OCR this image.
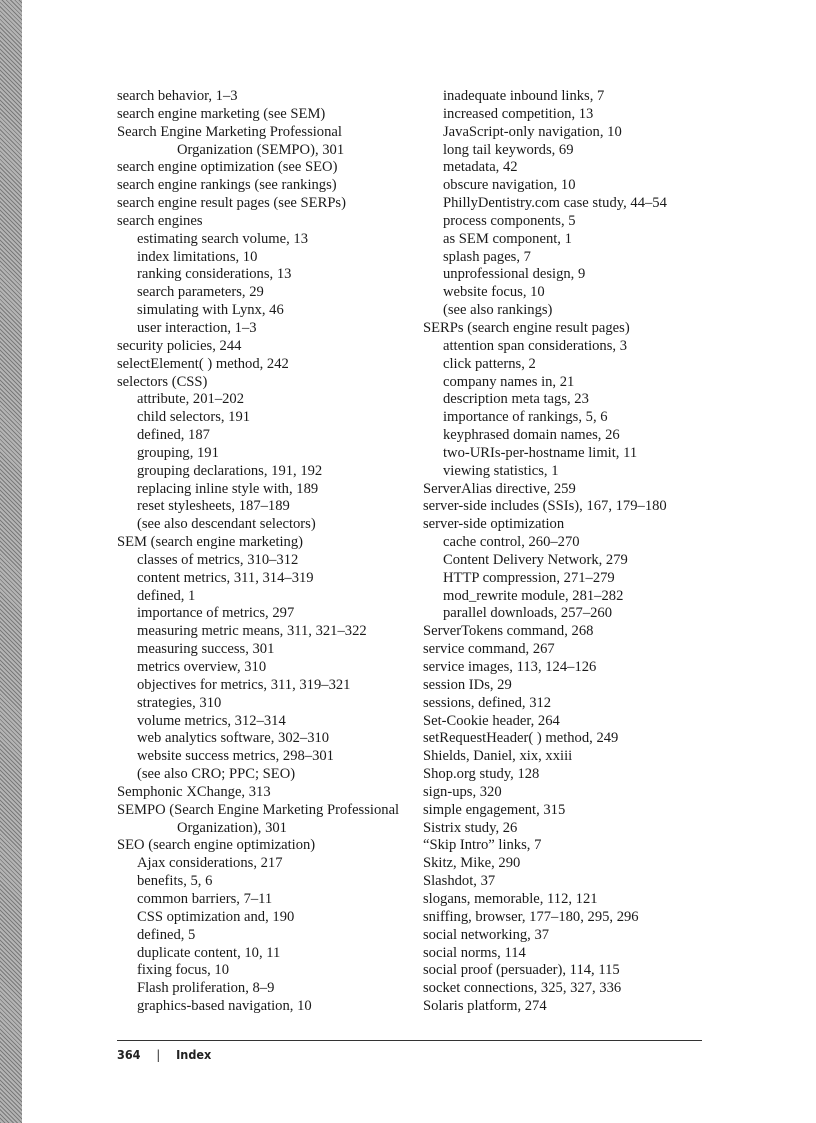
search behavior, 1–3
search engine marketing (see SEM)
Search Engine Marketing Professional Organization (SEMPO), 301
search engine optimization (see SEO)
search engine rankings (see rankings)
search engine result pages (see SERPs)
search engines
estimating search volume, 13
index limitations, 10
ranking considerations, 13
search parameters, 29
simulating with Lynx, 46
user interaction, 1–3
security policies, 244
selectElement( ) method, 242
selectors (CSS)
attribute, 201–202
child selectors, 191
defined, 187
grouping, 191
grouping declarations, 191, 192
replacing inline style with, 189
reset stylesheets, 187–189
(see also descendant selectors)
SEM (search engine marketing)
classes of metrics, 310–312
content metrics, 311, 314–319
defined, 1
importance of metrics, 297
measuring metric means, 311, 321–322
measuring success, 301
metrics overview, 310
objectives for metrics, 311, 319–321
strategies, 310
volume metrics, 312–314
web analytics software, 302–310
website success metrics, 298–301
(see also CRO; PPC; SEO)
Semphonic XChange, 313
SEMPO (Search Engine Marketing Professional Organization), 301
SEO (search engine optimization)
Ajax considerations, 217
benefits, 5, 6
common barriers, 7–11
CSS optimization and, 190
defined, 5
duplicate content, 10, 11
fixing focus, 10
Flash proliferation, 8–9
graphics-based navigation, 10
inadequate inbound links, 7
increased competition, 13
JavaScript-only navigation, 10
long tail keywords, 69
metadata, 42
obscure navigation, 10
PhillyDentistry.com case study, 44–54
process components, 5
as SEM component, 1
splash pages, 7
unprofessional design, 9
website focus, 10
(see also rankings)
SERPs (search engine result pages)
attention span considerations, 3
click patterns, 2
company names in, 21
description meta tags, 23
importance of rankings, 5, 6
keyphrased domain names, 26
two-URIs-per-hostname limit, 11
viewing statistics, 1
ServerAlias directive, 259
server-side includes (SSIs), 167, 179–180
server-side optimization
cache control, 260–270
Content Delivery Network, 279
HTTP compression, 271–279
mod_rewrite module, 281–282
parallel downloads, 257–260
ServerTokens command, 268
service command, 267
service images, 113, 124–126
session IDs, 29
sessions, defined, 312
Set-Cookie header, 264
setRequestHeader( ) method, 249
Shields, Daniel, xix, xxiii
Shop.org study, 128
sign-ups, 320
simple engagement, 315
Sistrix study, 26
“Skip Intro” links, 7
Skitz, Mike, 290
Slashdot, 37
slogans, memorable, 112, 121
sniffing, browser, 177–180, 295, 296
social networking, 37
social norms, 114
social proof (persuader), 114, 115
socket connections, 325, 327, 336
Solaris platform, 274
364 | Index
